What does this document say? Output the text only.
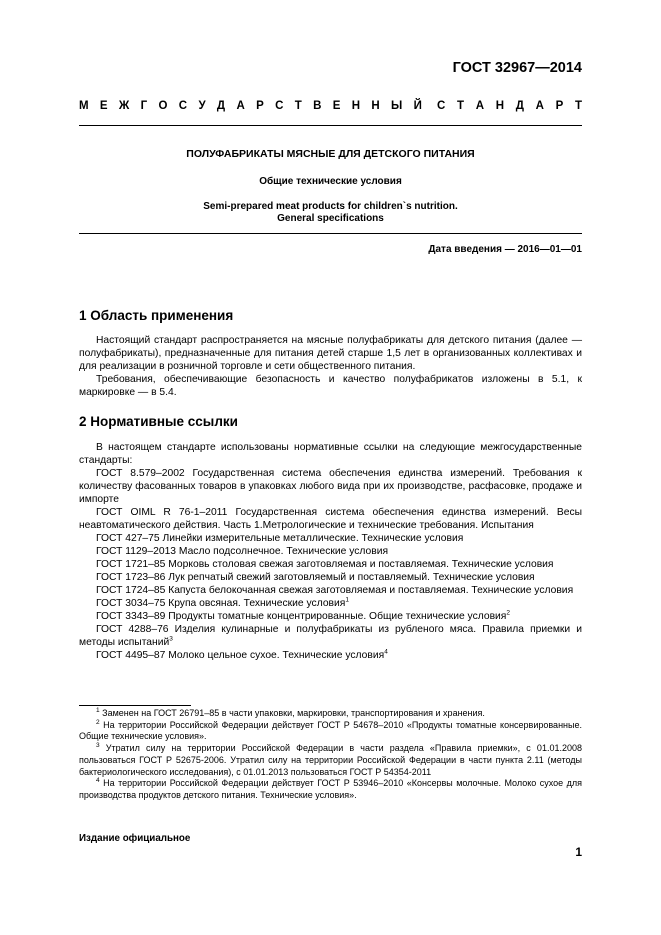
ГОСТ 32967—2014
М Е Ж Г О С У Д А Р С Т В Е Н Н Ы Й С Т А Н Д А Р Т
ПОЛУФАБРИКАТЫ МЯСНЫЕ ДЛЯ ДЕТСКОГО ПИТАНИЯ
Общие технические условия
Semi-prepared meat products for children`s nutrition.
General specifications
Дата введения — 2016—01—01
1 Область применения

Настоящий стандарт распространяется на мясные полуфабрикаты для детского питания (далее — полуфабрикаты), предназначенные для питания детей старше 1,5 лет в организованных коллективах и для реализации в розничной торговле и сети общественного питания.

Требования, обеспечивающие безопасность и качество полуфабрикатов изложены в 5.1, к маркировке — в 5.4.

2 Нормативные ссылки

В настоящем стандарте использованы нормативные ссылки на следующие межгосударственные стандарты:

ГОСТ 8.579–2002 Государственная система обеспечения единства измерений. Требования к количеству фасованных товаров в упаковках любого вида при их производстве, расфасовке, продаже и импорте

ГОСТ OIML R 76-1–2011 Государственная система обеспечения единства измерений. Весы неавтоматического действия. Часть 1.Метрологические и технические требования. Испытания

ГОСТ 427–75 Линейки измерительные металлические. Технические условия

ГОСТ 1129–2013 Масло подсолнечное. Технические условия

ГОСТ 1721–85 Морковь столовая свежая заготовляемая и поставляемая. Технические условия

ГОСТ 1723–86 Лук репчатый свежий заготовляемый и поставляемый. Технические условия

ГОСТ 1724–85 Капуста белокочанная свежая заготовляемая и поставляемая. Технические условия

ГОСТ 3034–75 Крупа овсяная. Технические условия$^1$

ГОСТ 3343–89 Продукты томатные концентрированные. Общие технические условия$^2$

ГОСТ 4288–76 Изделия кулинарные и полуфабрикаты из рубленого мяса. Правила приемки и методы испытаний$^3$

ГОСТ 4495–87 Молоко цельное сухое. Технические условия$^4$

$^1$ Заменен на ГОСТ 26791–85 в части упаковки, маркировки, транспортирования и хранения.

$^2$ На территории Российской Федерации действует ГОСТ Р 54678–2010 «Продукты томатные консервированные. Общие технические условия».

$^3$ Утратил силу на территории Российской Федерации в части раздела «Правила приемки», с 01.01.2008 пользоваться ГОСТ Р 52675-2006. Утратил силу на территории Российской Федерации в части пункта 2.11 (методы бактериологического исследования), с 01.01.2013 пользоваться ГОСТ Р 54354-2011

$^4$ На территории Российской Федерации действует ГОСТ Р 53946–2010 «Консервы молочные. Молоко сухое для производства продуктов детского питания. Технические условия».

Издание официальное
1
